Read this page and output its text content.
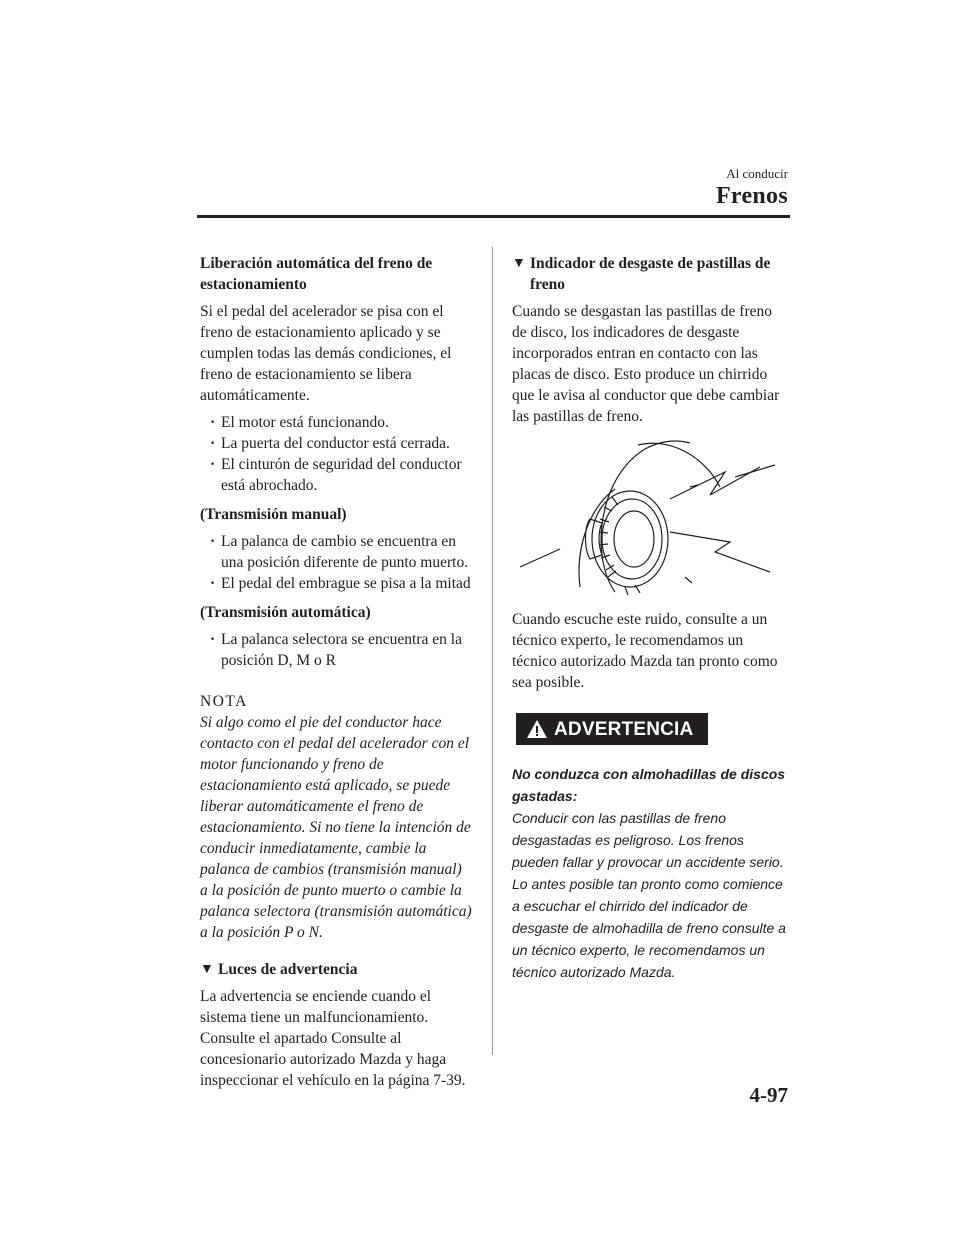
Al conducir
Frenos
Liberación automática del freno de estacionamiento
Si el pedal del acelerador se pisa con el freno de estacionamiento aplicado y se cumplen todas las demás condiciones, el freno de estacionamiento se libera automáticamente.
· El motor está funcionando.
· La puerta del conductor está cerrada.
· El cinturón de seguridad del conductor está abrochado.
(Transmisión manual)
· La palanca de cambio se encuentra en una posición diferente de punto muerto.
· El pedal del embrague se pisa a la mitad
(Transmisión automática)
· La palanca selectora se encuentra en la posición D, M o R
NOTA
Si algo como el pie del conductor hace contacto con el pedal del acelerador con el motor funcionando y freno de estacionamiento está aplicado, se puede liberar automáticamente el freno de estacionamiento. Si no tiene la intención de conducir inmediatamente, cambie la palanca de cambios (transmisión manual) a la posición de punto muerto o cambie la palanca selectora (transmisión automática) a la posición P o N.
▼ Luces de advertencia
La advertencia se enciende cuando el sistema tiene un malfuncionamiento. Consulte el apartado Consulte al concesionario autorizado Mazda y haga inspeccionar el vehículo en la página 7-39.
▼ Indicador de desgaste de pastillas de freno
Cuando se desgastan las pastillas de freno de disco, los indicadores de desgaste incorporados entran en contacto con las placas de disco. Esto produce un chirrido que le avisa al conductor que debe cambiar las pastillas de freno.
Cuando escuche este ruido, consulte a un técnico experto, le recomendamos un técnico autorizado Mazda tan pronto como sea posible.
ADVERTENCIA
No conduzca con almohadillas de discos gastadas:
Conducir con las pastillas de freno desgastadas es peligroso. Los frenos pueden fallar y provocar un accidente serio. Lo antes posible tan pronto como comience a escuchar el chirrido del indicador de desgaste de almohadilla de freno consulte a un técnico experto, le recomendamos un técnico autorizado Mazda.
4-97
